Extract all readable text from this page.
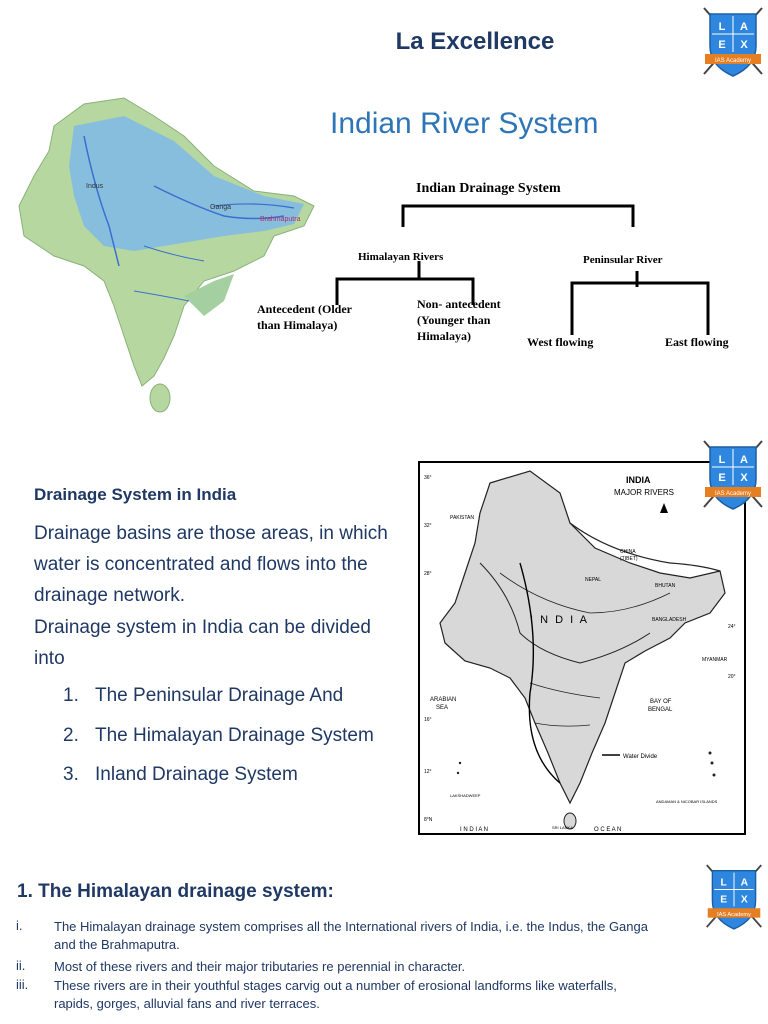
La Excellence
L A
E X
IAS Academy
Indian River System
Indus
Ganga
Brahmaputra
Indian Drainage System
Himalayan Rivers	Peninsular River
Antecedent (Older
than Himalaya)
Non- antecedent
(Younger than
Himalaya)	West flowing	East flowing
Drainage System in India
Drainage basins are those areas, in which
water is concentrated and flows into the
drainage network.
Drainage system in India can be divided
into
1. The Peninsular Drainage And
2. The Himalayan Drainage System
3. Inland Drainage System
INDIA
MAJOR RIVERS
I N D I A
CHINA
(TIBET)
NEPAL
BHUTAN
BANGLADESH
MYANMAR
PAKISTAN
ARABIAN
SEA
BAY OF
BENGAL
I N D I A N	O C E A N
Water Divide
LAKSHADWEEP
ANDAMAN & NICOBAR ISLANDS
SRI LANKA
36°
32°
28°
24°
20°
16°
12°
8°N
L A
E X
IAS Academy
1. The Himalayan drainage system:	L A
E X
IAS Academy
i. The Himalayan drainage system comprises all the International rivers of India, i.e. the Indus, the Ganga
and the Brahmaputra.
ii. Most of these rivers and their major tributaries re perennial in character.
iii. These rivers are in their youthful stages carvig out a number of erosional landforms like waterfalls,
rapids, gorges, alluvial fans and river terraces.
